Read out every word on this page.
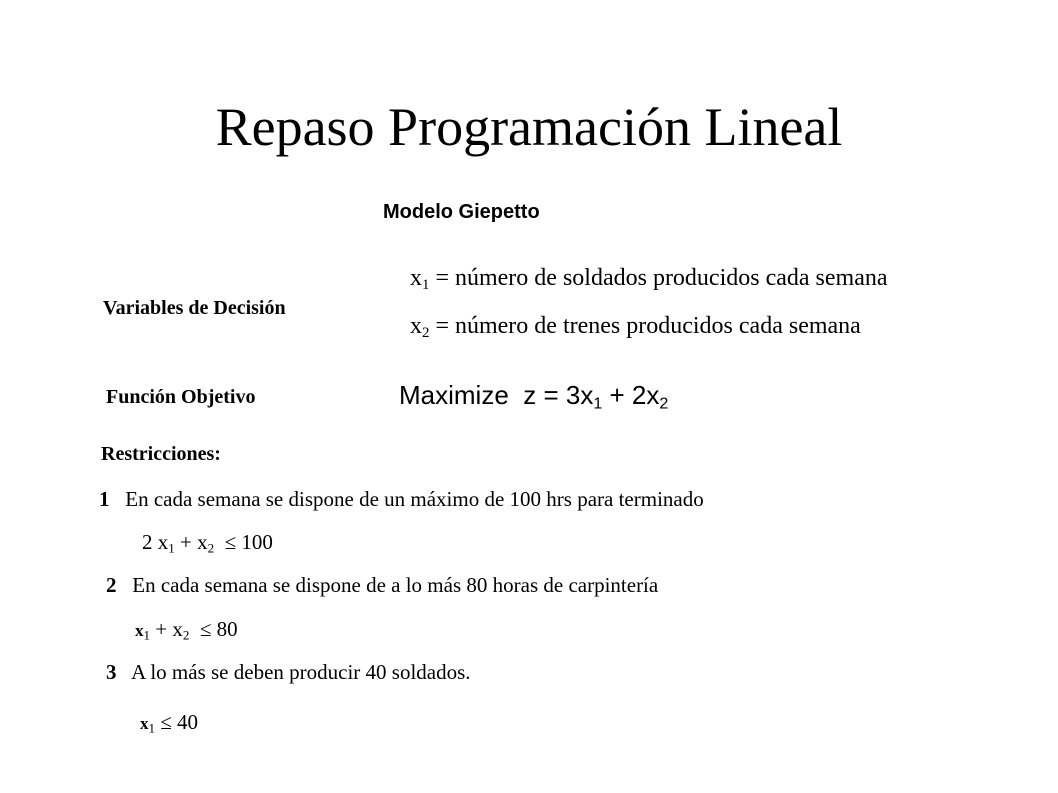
Repaso Programación Lineal
Modelo Giepetto
Variables de Decisión
$x_1$ = número de soldados producidos cada semana
$x_2$ = número de trenes producidos cada semana
Función Objetivo	Maximize  $z = 3x_1 + 2x_2$
Restricciones:
1 En cada semana se dispone de un máximo de 100 hrs para terminado
2 $x_1 + x_2 \le 100$
2 En cada semana se dispone de a lo más 80 horas de carpintería
$x_1 + x_2 \le 80$
3 A lo más se deben producir 40 soldados.
$x_1 \le 40$
